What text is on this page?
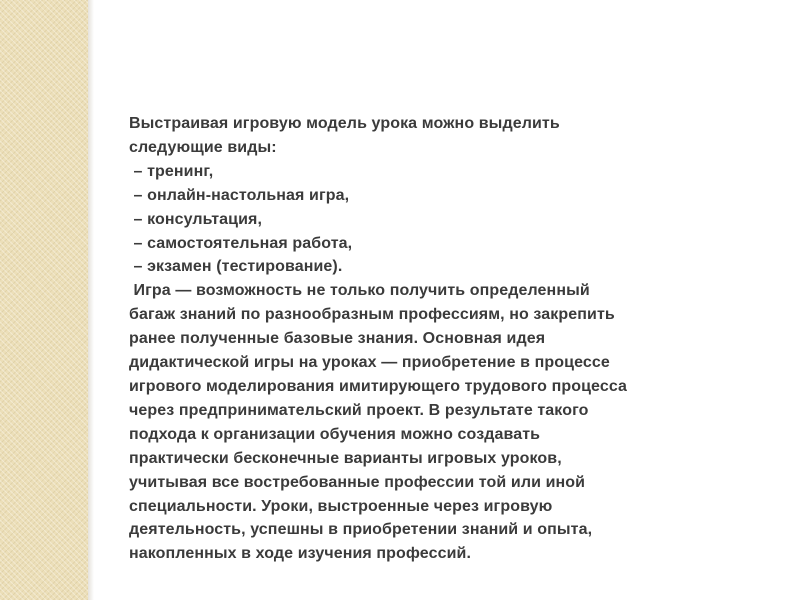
Выстраивая игровую модель урока можно выделить

следующие виды:

– тренинг,

– онлайн-настольная игра,

– консультация,

– самостоятельная работа,

– экзамен (тестирование).

Игра — возможность не только получить определенный

багаж знаний по разнообразным профессиям, но закрепить

ранее полученные базовые знания. Основная идея

дидактической игры на уроках — приобретение в процессе

игрового моделирования имитирующего трудового процесса

через предпринимательский проект. В результате такого

подхода к организации обучения можно создавать

практически бесконечные варианты игровых уроков,

учитывая все востребованные профессии той или иной

специальности. Уроки, выстроенные через игровую

деятельность, успешны в приобретении знаний и опыта,

накопленных в ходе изучения профессий.
